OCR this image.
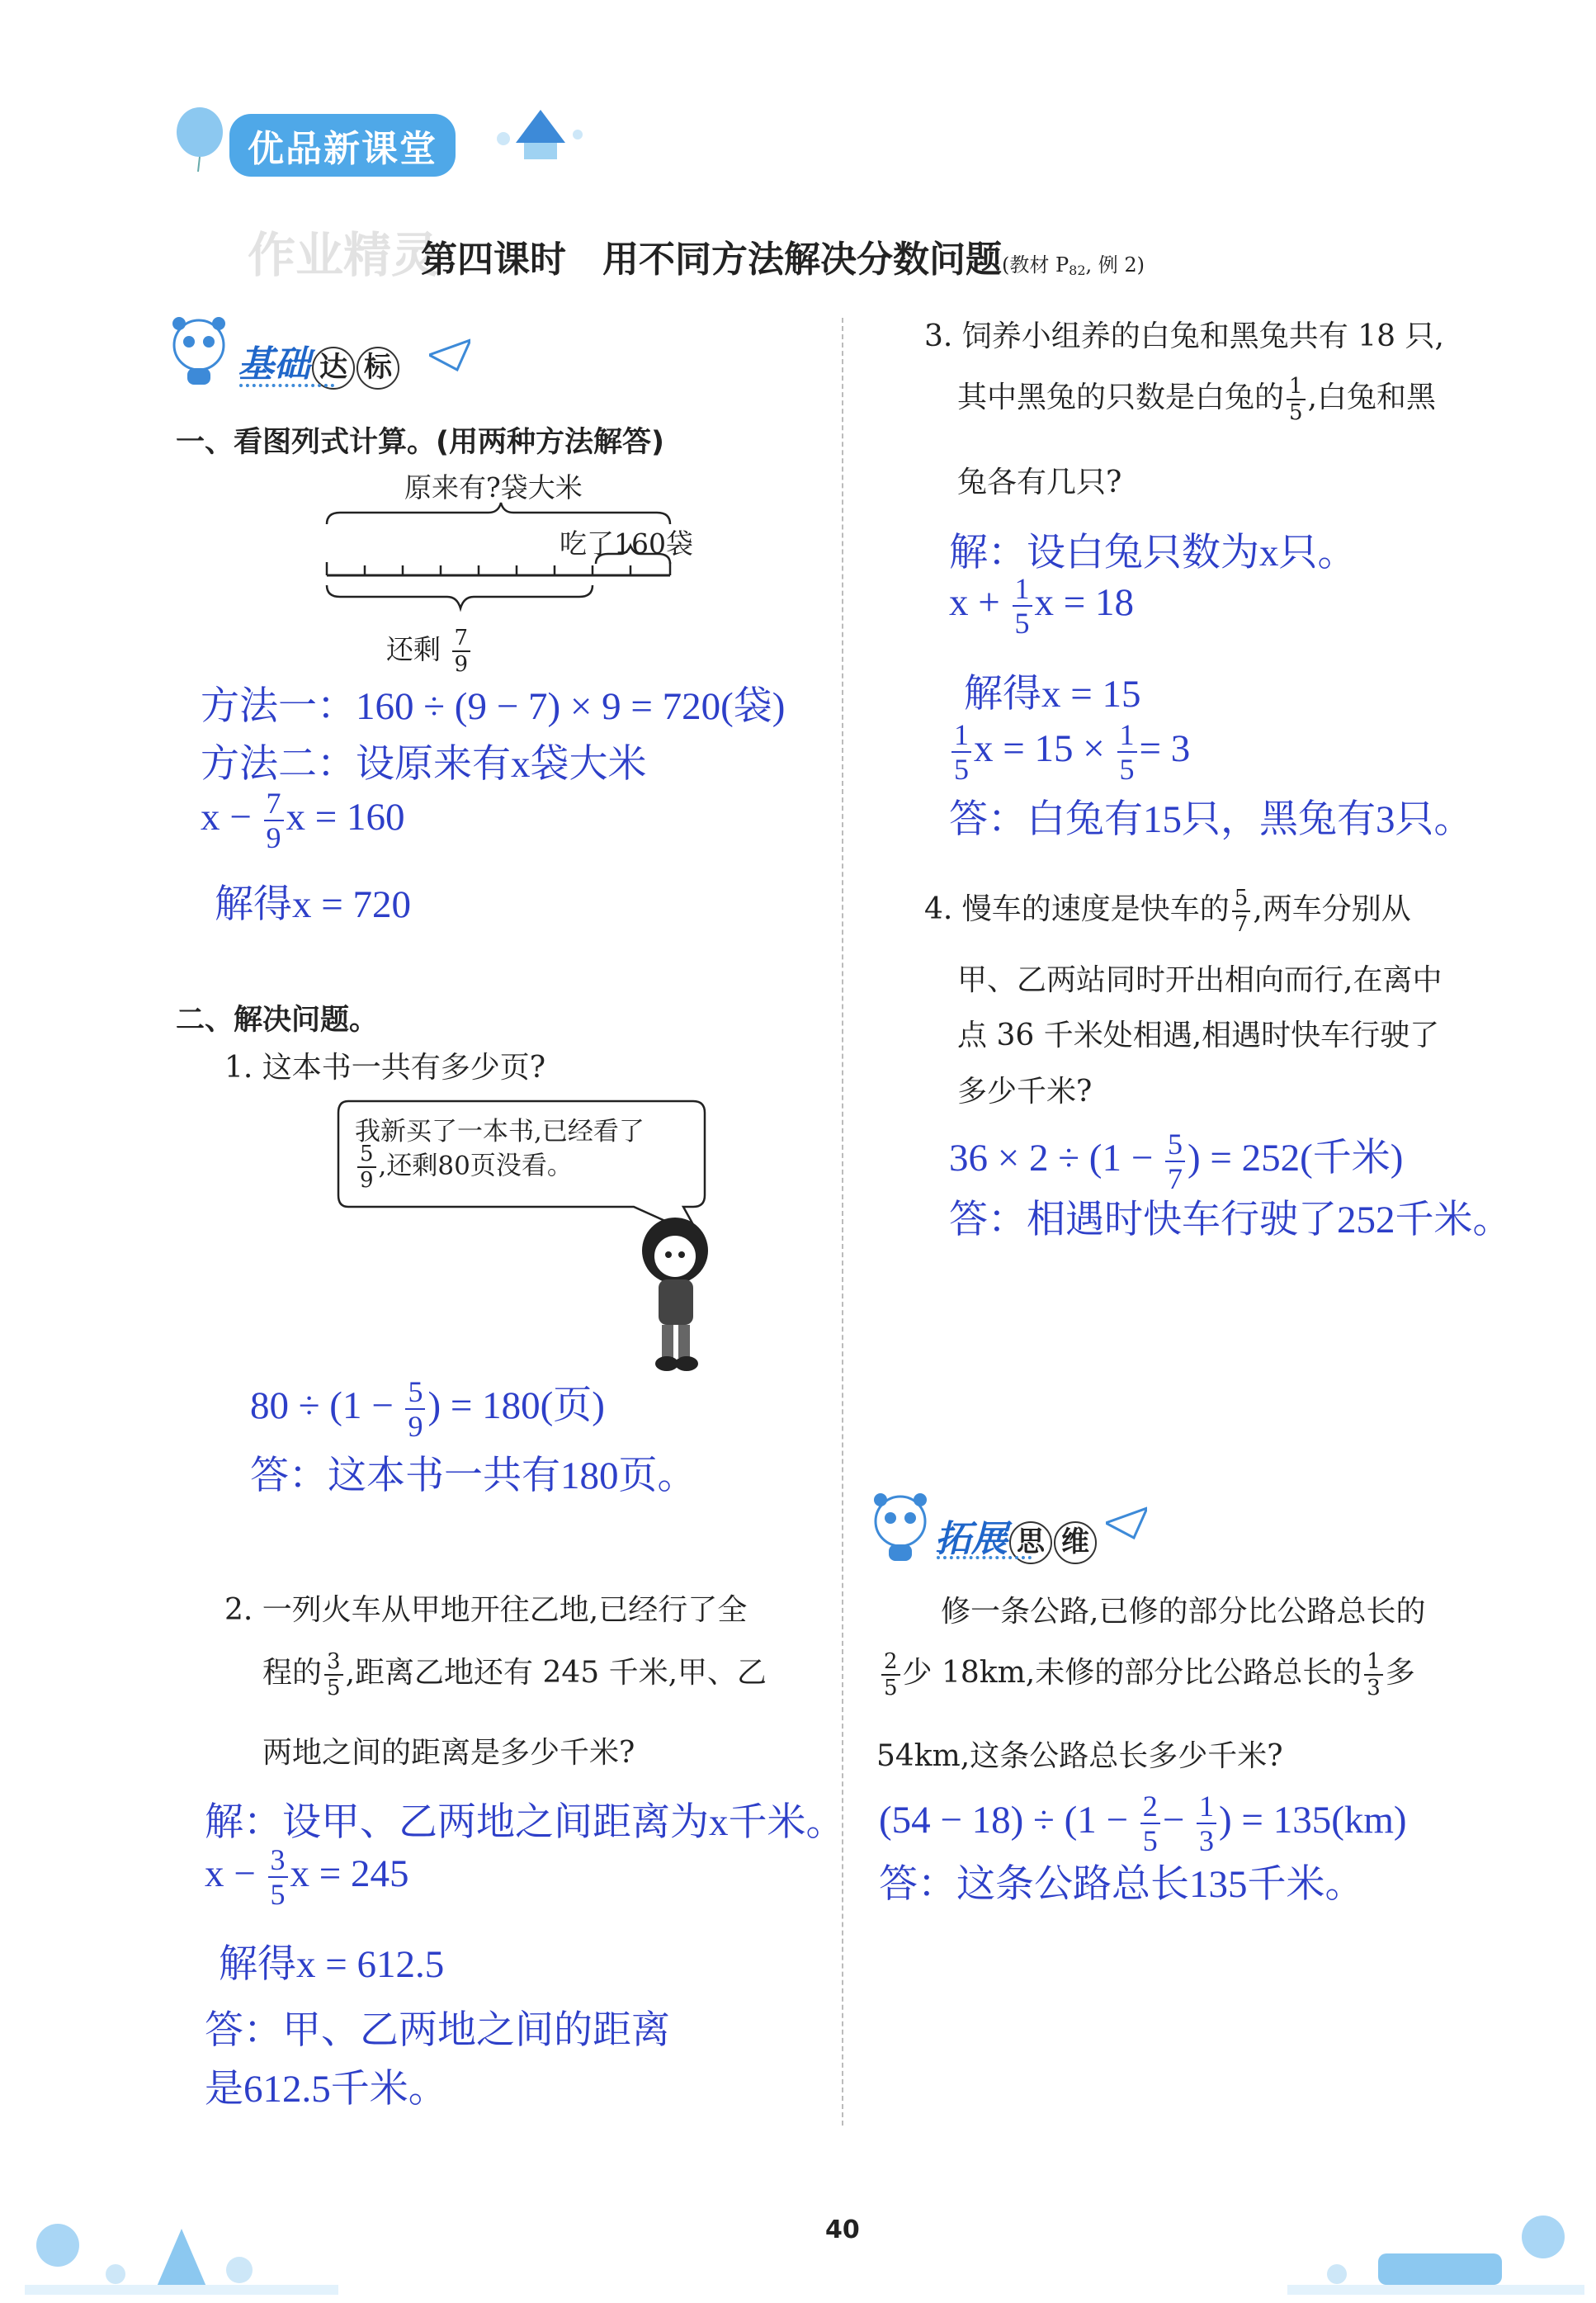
优品新课堂
作业精灵
第四课时　用不同方法解决分数问题(教材 $P_{82}$, 例 2)
基础 达 标
一、看图列式计算。(用两种方法解答)
原来有?袋大米
吃了160袋
还剩 $\frac{7}{9}$
方法一：160 ÷ (9 − 7) × 9 = 720(袋)
方法二：设原来有x袋大米
$x - \frac{7}{9}$ x = 160
解得x = 720
二、解决问题。
1. 这本书一共有多少页?
我新买了一本书,已经看了
$\frac{5}{9}$ ,还剩80页没看。
$80 \div (1 - \frac{5}{9}$ ) = 180(页)
答：这本书一共有180页。
2. 一列火车从甲地开往乙地,已经行了全
程的 $\frac{3}{5}$ ,距离乙地还有 245 千米,甲、乙
两地之间的距离是多少千米?
解：设甲、乙两地之间距离为x千米。
$x - \frac{3}{5}$ x = 245
解得x = 612.5
答：甲、乙两地之间的距离
是612.5千米。
3. 饲养小组养的白兔和黑兔共有 18 只,
其中黑兔的只数是白兔的 $\frac{1}{5}$ ,白兔和黑
兔各有几只?
解：设白兔只数为x只。
$x + \frac{1}{5}$ x = 18
解得x = 15
$\frac{1}{5}$ $x = 15 \times \frac{1}{5} = 3$
答：白兔有15只，黑兔有3只。
4. 慢车的速度是快车的 $\frac{5}{7}$ ,两车分别从
甲、乙两站同时开出相向而行,在离中
点 36 千米处相遇,相遇时快车行驶了
多少千米?
$36 \times 2 \div (1 - \frac{5}{7}$ ) = 252(千米)
答：相遇时快车行驶了252千米。
拓展 思 维
修一条公路,已修的部分比公路总长的
$\frac{2}{5}$ 少 18km,未修的部分比公路总长的 $\frac{1}{3}$ 多
54km,这条公路总长多少千米?
$(54 - 18) \div (1 - \frac{2}{5} - \frac{1}{3}$ ) = 135(km)
答：这条公路总长135千米。
40
